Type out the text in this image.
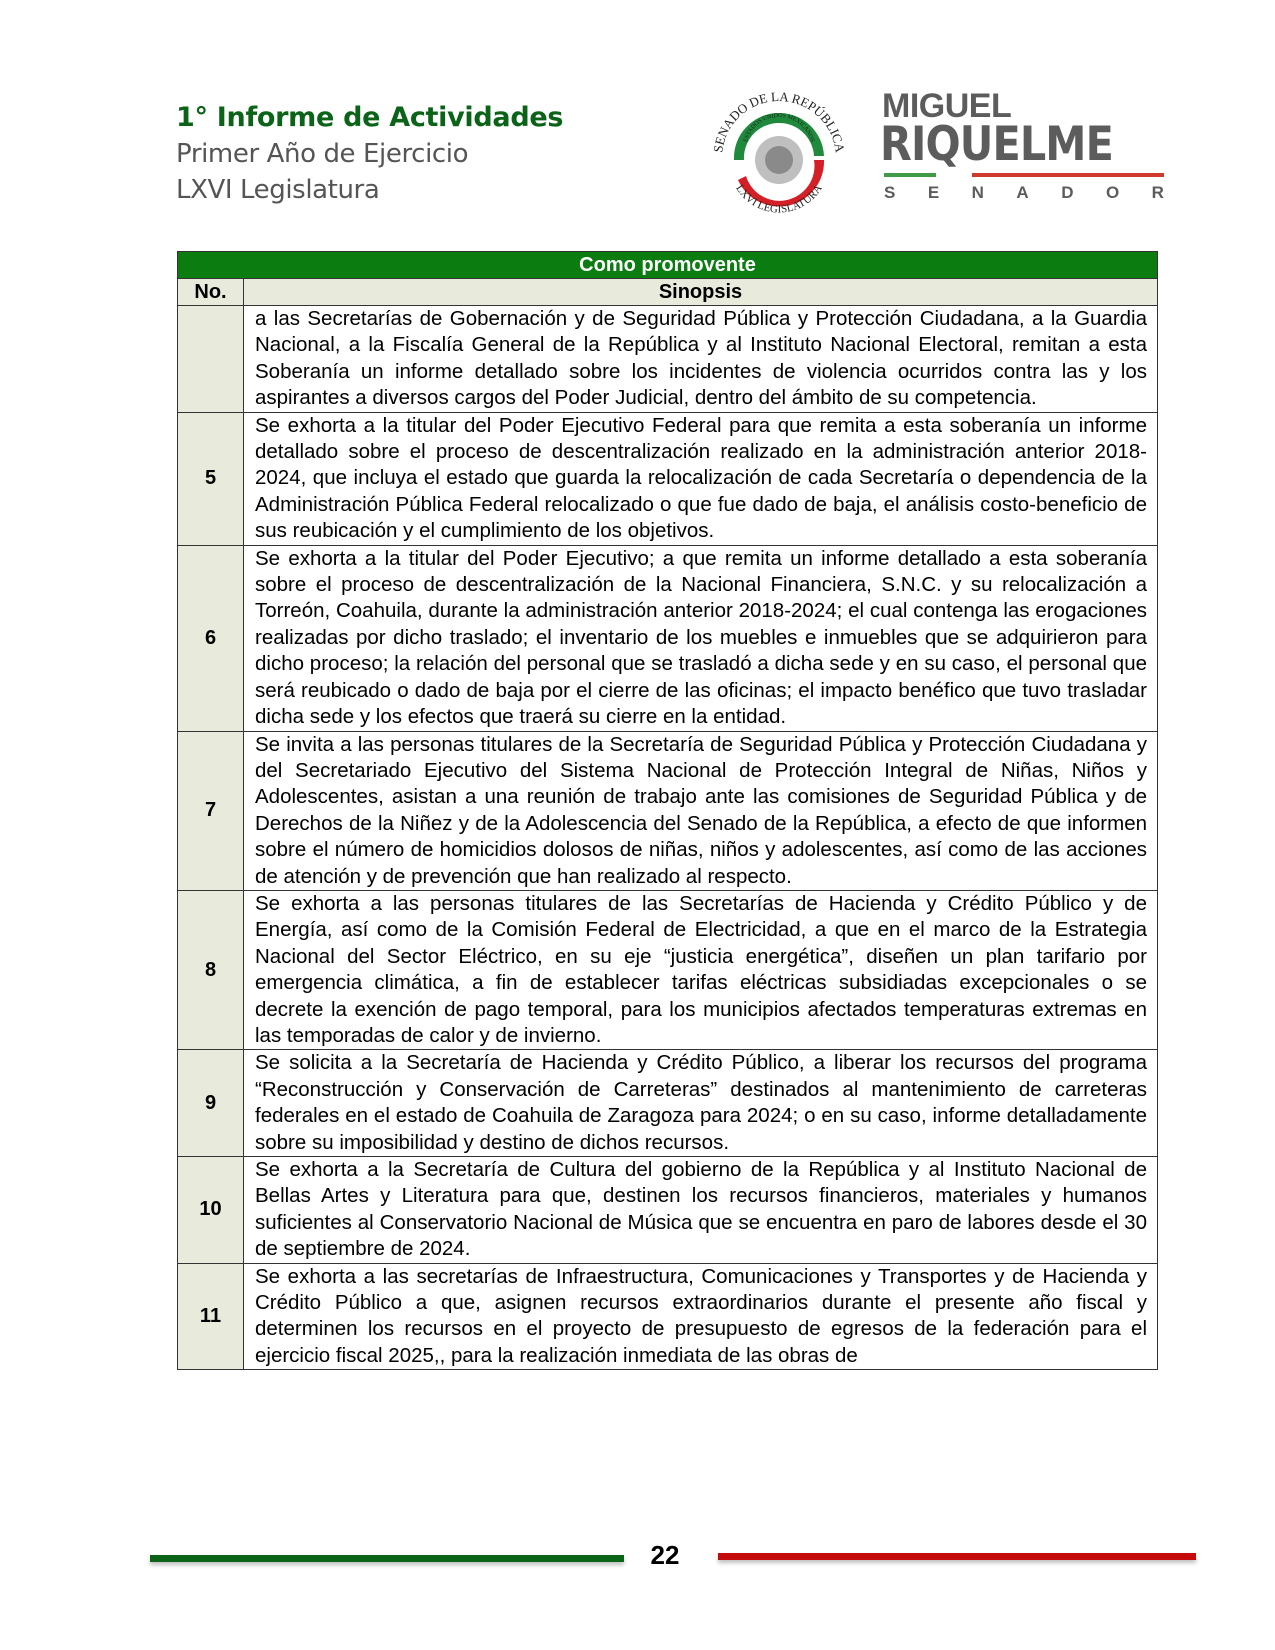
1° Informe de Actividades
Primer Año de Ejercicio
LXVI Legislatura
SENADO DE LA REPÚBLICA
ESTADOS UNIDOS MEXICANOS
LXVI LEGISLATURA
MIGUEL
RIQUELME
S E N A D O R
Como promovente	
No.	Sinopsis
	a las Secretarías de Gobernación y de Seguridad Pública y Protección Ciudadana, a la Guardia Nacional, a la Fiscalía General de la República y al Instituto Nacional Electoral, remitan a esta Soberanía un informe detallado sobre los incidentes de violencia ocurridos contra las y los aspirantes a diversos cargos del Poder Judicial, dentro del ámbito de su competencia.
5	Se exhorta a la titular del Poder Ejecutivo Federal para que remita a esta soberanía un informe detallado sobre el proceso de descentralización realizado en la administración anterior 2018-2024, que incluya el estado que guarda la relocalización de cada Secretaría o dependencia de la Administración Pública Federal relocalizado o que fue dado de baja, el análisis costo-beneficio de sus reubicación y el cumplimiento de los objetivos.
6	Se exhorta a la titular del Poder Ejecutivo; a que remita un informe detallado a esta soberanía sobre el proceso de descentralización de la Nacional Financiera, S.N.C. y su relocalización a Torreón, Coahuila, durante la administración anterior 2018-2024; el cual contenga las erogaciones realizadas por dicho traslado; el inventario de los muebles e inmuebles que se adquirieron para dicho proceso; la relación del personal que se trasladó a dicha sede y en su caso, el personal que será reubicado o dado de baja por el cierre de las oficinas; el impacto benéfico que tuvo trasladar dicha sede y los efectos que traerá su cierre en la entidad.
7	Se invita a las personas titulares de la Secretaría de Seguridad Pública y Protección Ciudadana y del Secretariado Ejecutivo del Sistema Nacional de Protección Integral de Niñas, Niños y Adolescentes, asistan a una reunión de trabajo ante las comisiones de Seguridad Pública y de Derechos de la Niñez y de la Adolescencia del Senado de la República, a efecto de que informen sobre el número de homicidios dolosos de niñas, niños y adolescentes, así como de las acciones de atención y de prevención que han realizado al respecto.
8	Se exhorta a las personas titulares de las Secretarías de Hacienda y Crédito Público y de Energía, así como de la Comisión Federal de Electricidad, a que en el marco de la Estrategia Nacional del Sector Eléctrico, en su eje “justicia energética”, diseñen un plan tarifario por emergencia climática, a fin de establecer tarifas eléctricas subsidiadas excepcionales o se decrete la exención de pago temporal, para los municipios afectados temperaturas extremas en las temporadas de calor y de invierno.
9	Se solicita a la Secretaría de Hacienda y Crédito Público, a liberar los recursos del programa “Reconstrucción y Conservación de Carreteras” destinados al mantenimiento de carreteras federales en el estado de Coahuila de Zaragoza para 2024; o en su caso, informe detalladamente sobre su imposibilidad y destino de dichos recursos.
10	Se exhorta a la Secretaría de Cultura del gobierno de la República y al Instituto Nacional de Bellas Artes y Literatura para que, destinen los recursos financieros, materiales y humanos suficientes al Conservatorio Nacional de Música que se encuentra en paro de labores desde el 30 de septiembre de 2024.
11	Se exhorta a las secretarías de Infraestructura, Comunicaciones y Transportes y de Hacienda y Crédito Público a que, asignen recursos extraordinarios durante el presente año fiscal y determinen los recursos en el proyecto de presupuesto de egresos de la federación para el ejercicio fiscal 2025,, para la realización inmediata de las obras de
22
